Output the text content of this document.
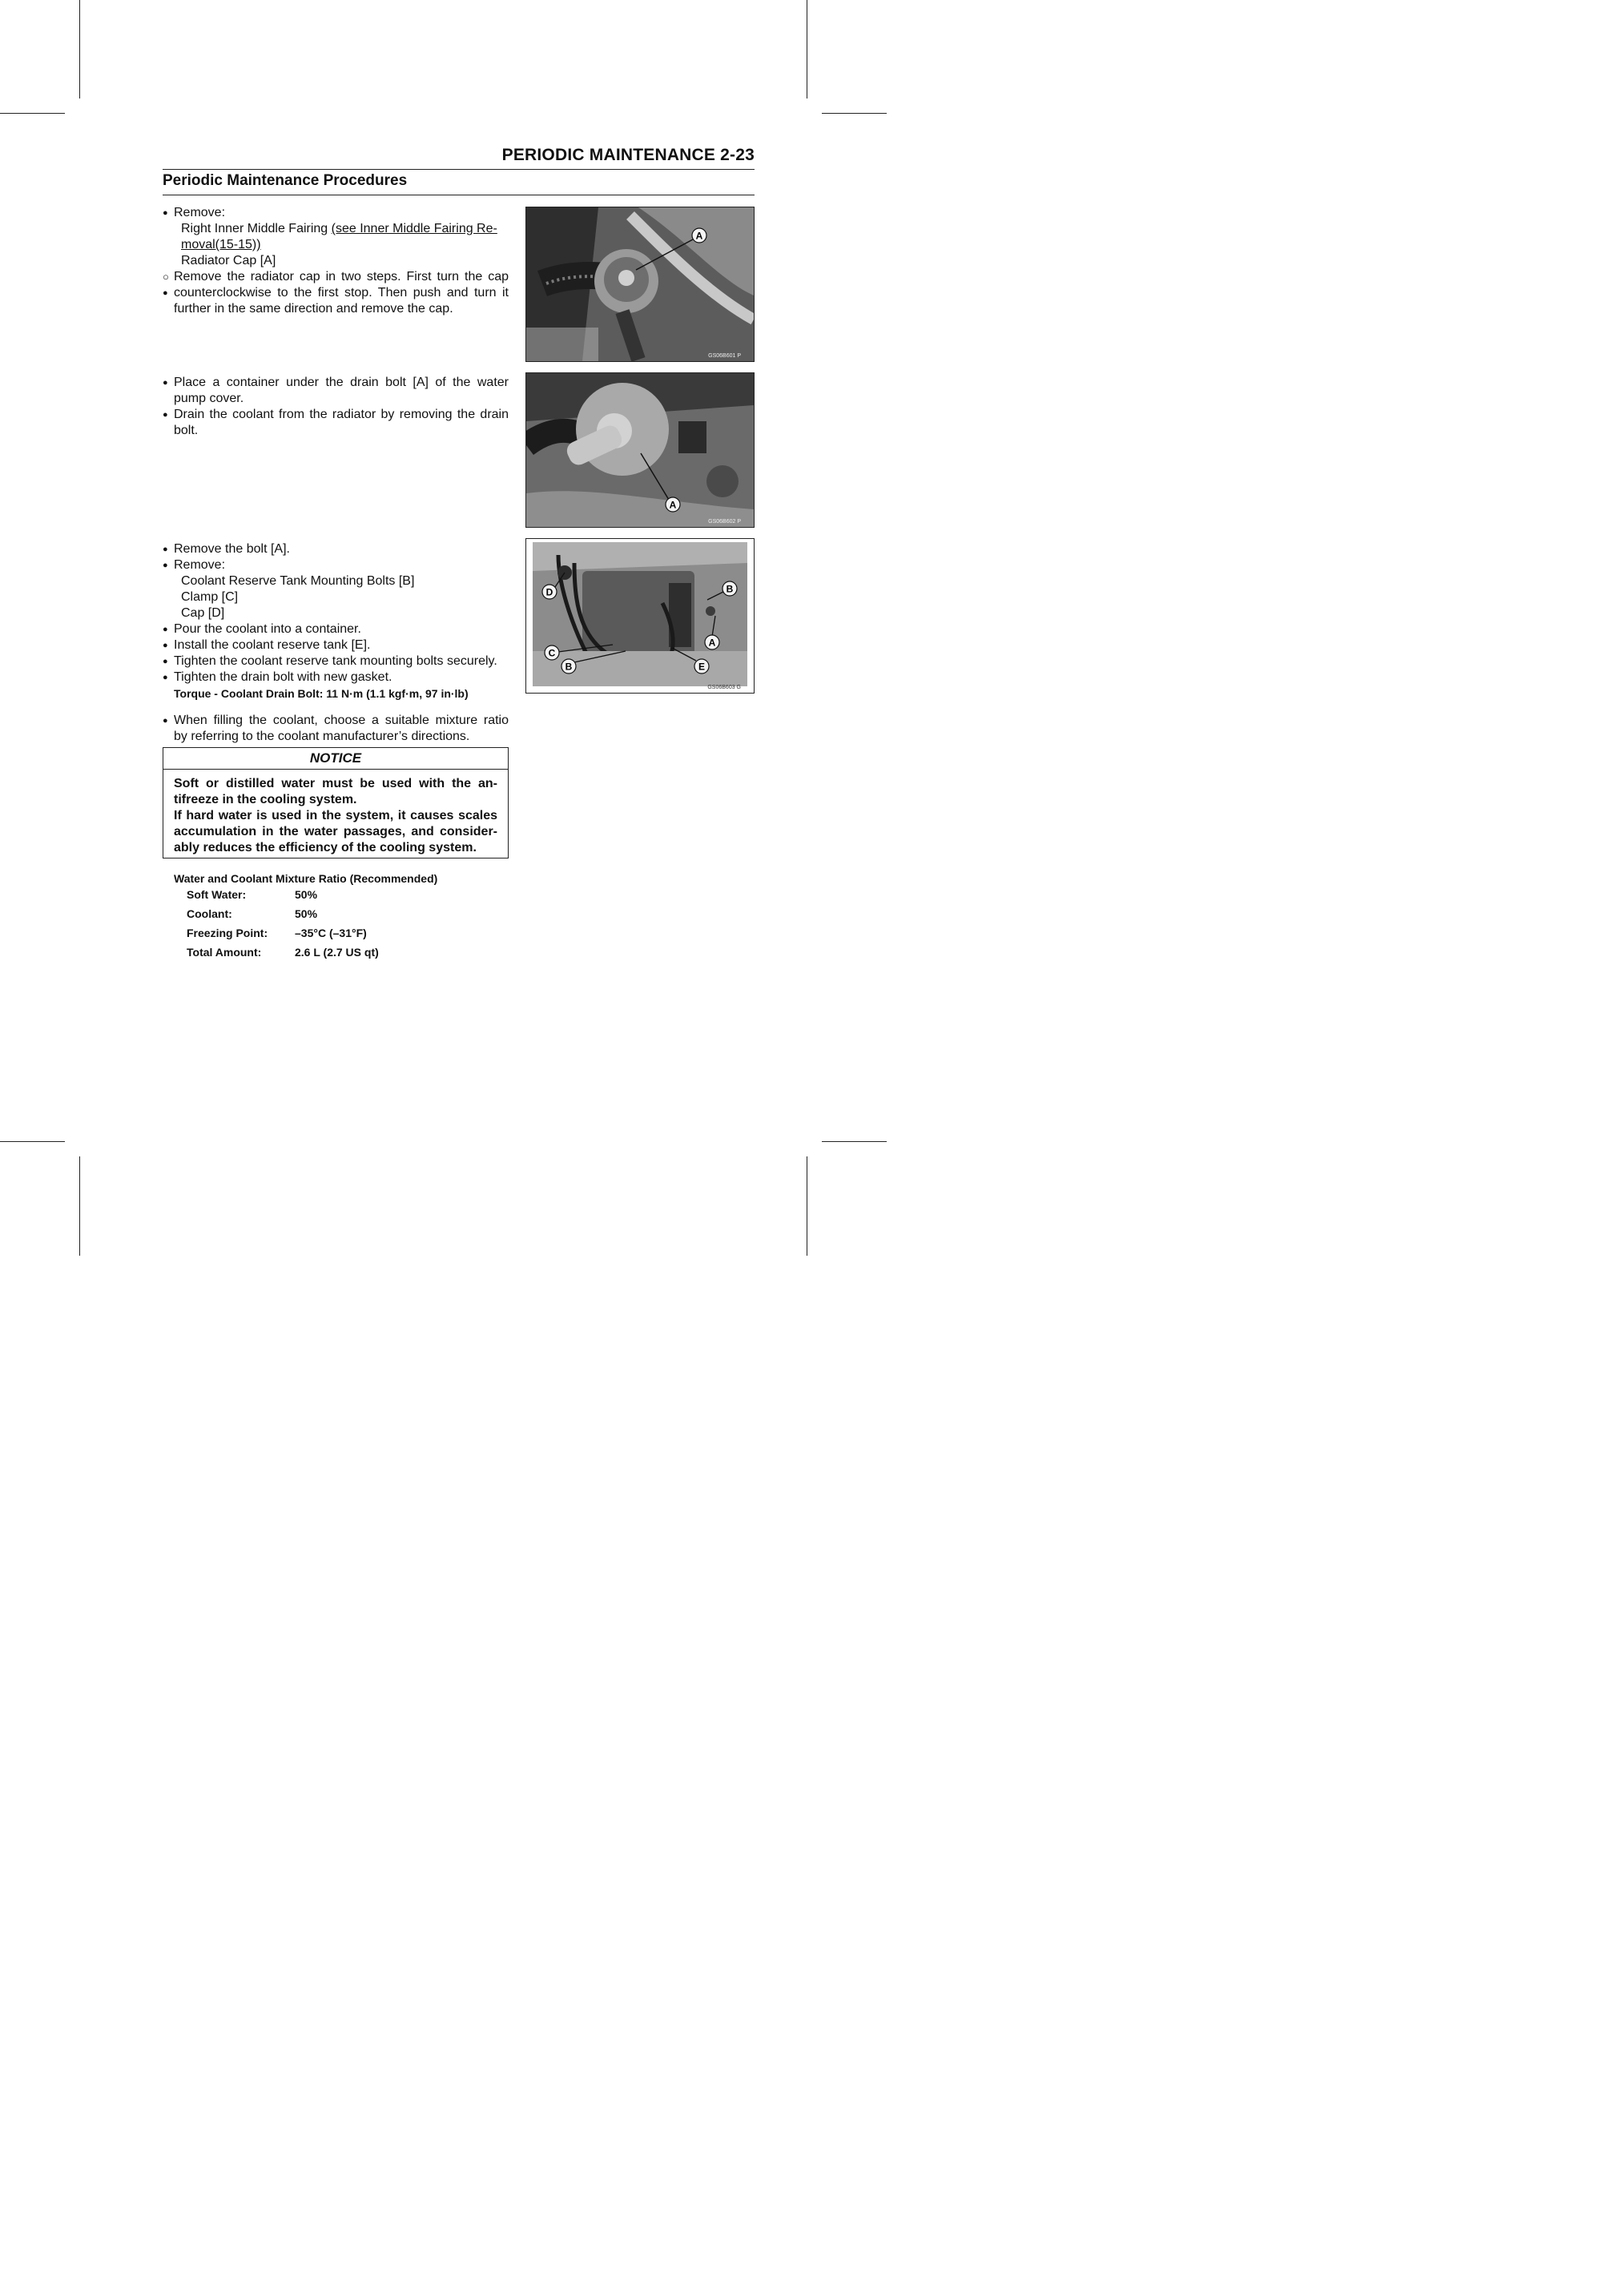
PERIODIC MAINTENANCE 2-23
Periodic Maintenance Procedures
● Remove:
Right Inner Middle Fairing (see Inner Middle Fairing Re-
moval(15-15))
Radiator Cap [A]
○ Remove the radiator cap in two steps. First turn the cap
● counterclockwise to the first stop. Then push and turn it
further in the same direction and remove the cap.
● Place a container under the drain bolt [A] of the water
pump cover.
● Drain the coolant from the radiator by removing the drain
bolt.
● Remove the bolt [A].
● Remove:
Coolant Reserve Tank Mounting Bolts [B]
Clamp [C]
Cap [D]
● Pour the coolant into a container.
● Install the coolant reserve tank [E].
● Tighten the coolant reserve tank mounting bolts securely.
● Tighten the drain bolt with new gasket.
Torque - Coolant Drain Bolt: 11 N·m (1.1 kgf·m, 97 in·lb)
● When filling the coolant, choose a suitable mixture ratio
by referring to the coolant manufacturer’s directions.
NOTICE
Soft or distilled water must be used with the an-
tifreeze in the cooling system.
If hard water is used in the system, it causes scales
accumulation in the water passages, and consider-
ably reduces the efficiency of the cooling system.
Water and Coolant Mixture Ratio (Recommended)
Soft Water:	50%
Coolant:	50%
Freezing Point: –35°C (–31°F)
Total Amount:	2.6 L (2.7 US qt)
A
GS06B601 P
A
GS06B602 P
D	B
A
C
B	E
GS06B603 G
